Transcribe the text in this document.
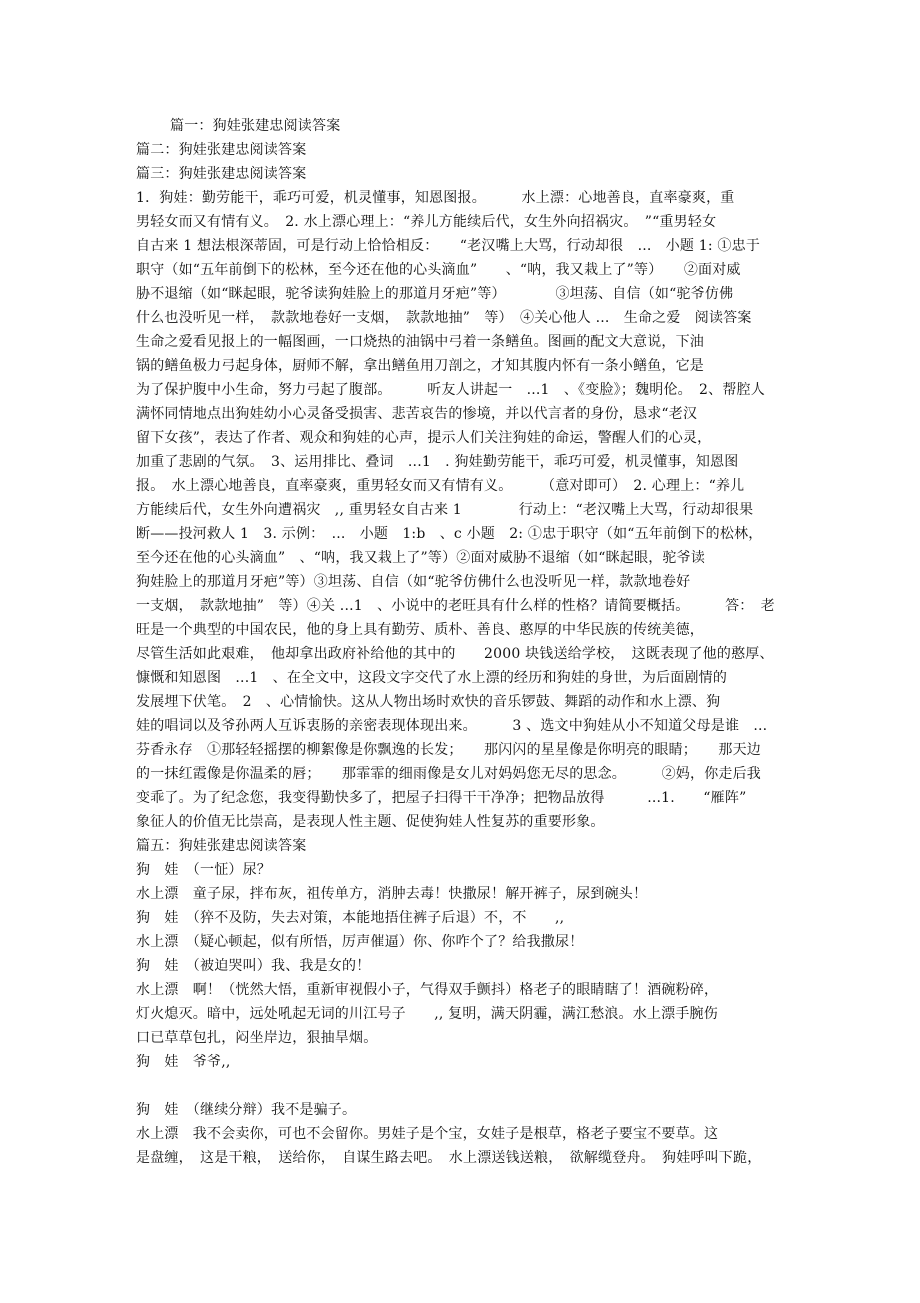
篇一：狗娃张建忠阅读答案
篇二：狗娃张建忠阅读答案
篇三：狗娃张建忠阅读答案
1．狗娃：勤劳能干，乖巧可爱，机灵懂事，知恩图报。　　　水上漂：心地善良，直率豪爽，重
男轻女而又有情有义。　2. 水上漂心理上：“养儿方能续后代，女生外向招祸灾。　”“重男轻女
自古来 1 想法根深蒂固，可是行动上恰恰相反：　　“老汉嘴上大骂，行动却很　...　小题 1: ①忠于
职守（如“五年前倒下的松林，至今还在他的心头滴血”　　、“呐，我又栽上了”等）　　②面对威
胁不退缩（如“眯起眼，驼爷读狗娃脸上的那道月牙疤”等）　　　　③坦荡、自信（如“驼爷仿佛
什么也没听见一样，　款款地卷好一支烟，　款款地抽”　等）　④关心他人 ...　生命之爱　阅读答案
生命之爱看见报上的一幅图画，一口烧热的油锅中弓着一条鳝鱼。图画的配文大意说，下油
锅的鳝鱼极力弓起身体，厨师不解，拿出鳝鱼用刀剖之，才知其腹内怀有一条小鳝鱼，它是
为了保护腹中小生命，努力弓起了腹部。　　　听友人讲起一　...1　、《变脸》；魏明伦。　2、帮腔人
满怀同情地点出狗娃幼小心灵备受损害、悲苦哀告的惨境，并以代言者的身份，恳求“老汉
留下女孩”，表达了作者、观众和狗娃的心声，提示人们关注狗娃的命运，警醒人们的心灵，
加重了悲剧的气氛。　3、运用排比、叠词　...1　. 狗娃勤劳能干，乖巧可爱，机灵懂事，知恩图
报。　水上漂心地善良，直率豪爽，重男轻女而又有情有义。　　　（意对即可）　2. 心理上：“养儿
方能续后代，女生外向遭祸灾　,, 重男轻女自古来 1　　　　行动上：“老汉嘴上大骂，行动却很果
断——投河救人 1　3. 示例：　...　小题　1:b　、c 小题　2: ①忠于职守（如“五年前倒下的松林，
至今还在他的心头滴血”　、“呐，我又栽上了”等）②面对威胁不退缩（如“眯起眼，驼爷读
狗娃脸上的那道月牙疤”等）③坦荡、自信（如“驼爷仿佛什么也没听见一样，款款地卷好
一支烟，　款款地抽”　等）④关 ...1　、小说中的老旺具有什么样的性格？请简要概括。　　　答：　老
旺是一个典型的中国农民，他的身上具有勤劳、质朴、善良、憨厚的中华民族的传统美德，
尽管生活如此艰难，　他却拿出政府补给他的其中的　　2000 块钱送给学校，　这既表现了他的憨厚、
慷慨和知恩图　...1　、在全文中，这段文字交代了水上漂的经历和狗娃的身世，为后面剧情的
发展埋下伏笔。　2　、心情愉快。这从人物出场时欢快的音乐锣鼓、舞蹈的动作和水上漂、狗
娃的唱词以及爷孙两人互诉衷肠的亲密表现体现出来。　　　3 、选文中狗娃从小不知道父母是谁　...
芬香永存　①那轻轻摇摆的柳絮像是你飘逸的长发；　　那闪闪的星星像是你明亮的眼睛；　　那天边
的一抹红霞像是你温柔的唇；　　那霏霏的细雨像是女儿对妈妈您无尽的思念。　　　②妈，你走后我
变乖了。为了纪念您，我变得勤快多了，把屋子扫得干干净净；把物品放得　　　...1.　　“雁阵”
象征人的价值无比崇高，是表现人性主题、促使狗娃人性复苏的重要形象。
篇五：狗娃张建忠阅读答案
狗　娃　（一怔）尿？
水上漂　童子尿，拌布灰，祖传单方，消肿去毒！快撒尿！解开裤子，尿到碗头！
狗　娃　（猝不及防，失去对策，本能地捂住裤子后退）不，不　　,,
水上漂　（疑心顿起，似有所悟，厉声催逼）你、你咋个了？给我撒尿！
狗　娃　（被迫哭叫）我、我是女的！
水上漂　啊！（恍然大悟，重新审视假小子，气得双手颤抖）格老子的眼睛瞎了！酒碗粉碎，
灯火熄灭。暗中，远处吼起无词的川江号子　　,, 复明，满天阴霾，满江愁浪。水上漂手腕伤
口已草草包扎，闷坐岸边，狠抽旱烟。
狗　娃　爷爷,,
狗　娃　（继续分辩）我不是骗子。
水上漂　我不会卖你，可也不会留你。男娃子是个宝，女娃子是根草，格老子要宝不要草。这
是盘缠，　这是干粮，　送给你，　自谋生路去吧。　水上漂送钱送粮，　欲解缆登舟。　狗娃呼叫下跪，
